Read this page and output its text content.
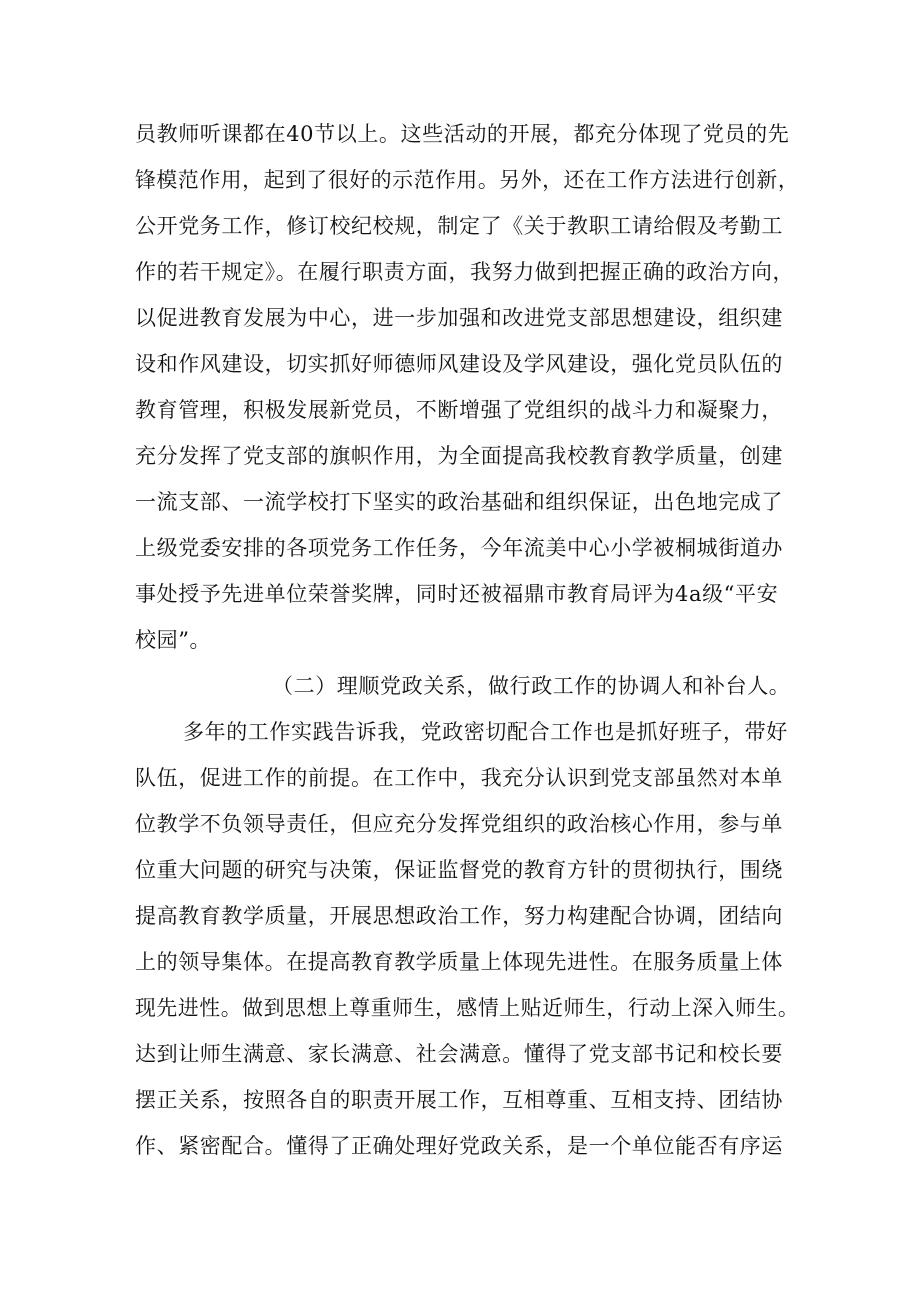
员教师听课都在40节以上。这些活动的开展，都充分体现了党员的先
锋模范作用，起到了很好的示范作用。另外，还在工作方法进行创新，
公开党务工作，修订校纪校规，制定了《关于教职工请给假及考勤工
作的若干规定》。在履行职责方面，我努力做到把握正确的政治方向，
以促进教育发展为中心，进一步加强和改进党支部思想建设，组织建
设和作风建设，切实抓好师德师风建设及学风建设，强化党员队伍的
教育管理，积极发展新党员，不断增强了党组织的战斗力和凝聚力，
充分发挥了党支部的旗帜作用，为全面提高我校教育教学质量，创建
一流支部、一流学校打下坚实的政治基础和组织保证，出色地完成了
上级党委安排的各项党务工作任务，今年流美中心小学被桐城街道办
事处授予先进单位荣誉奖牌，同时还被福鼎市教育局评为4a级“平安
校园”。
（二）理顺党政关系，做行政工作的协调人和补台人。
多年的工作实践告诉我，党政密切配合工作也是抓好班子，带好
队伍，促进工作的前提。在工作中，我充分认识到党支部虽然对本单
位教学不负领导责任，但应充分发挥党组织的政治核心作用，参与单
位重大问题的研究与决策，保证监督党的教育方针的贯彻执行，围绕
提高教育教学质量，开展思想政治工作，努力构建配合协调，团结向
上的领导集体。在提高教育教学质量上体现先进性。在服务质量上体
现先进性。做到思想上尊重师生，感情上贴近师生，行动上深入师生。
达到让师生满意、家长满意、社会满意。懂得了党支部书记和校长要
摆正关系，按照各自的职责开展工作，互相尊重、互相支持、团结协
作、紧密配合。懂得了正确处理好党政关系，是一个单位能否有序运
